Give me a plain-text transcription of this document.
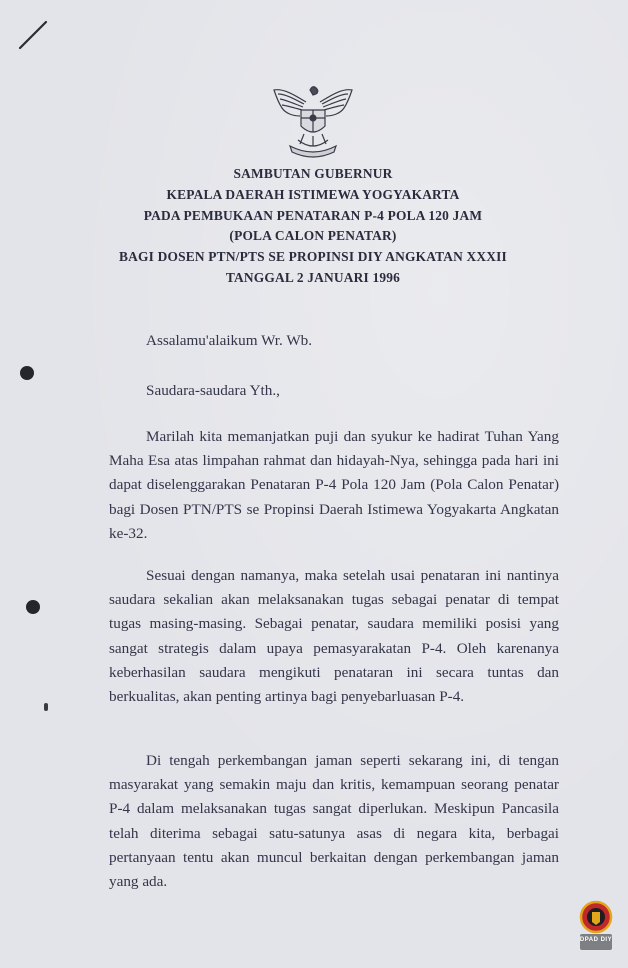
SAMBUTAN GUBERNUR
KEPALA DAERAH ISTIMEWA YOGYAKARTA
PADA PEMBUKAAN PENATARAN P-4 POLA 120 JAM
(POLA CALON PENATAR)
BAGI DOSEN PTN/PTS SE PROPINSI DIY ANGKATAN XXXII
TANGGAL 2 JANUARI 1996
Assalamu'alaikum Wr. Wb.
Saudara-saudara Yth.,
Marilah kita memanjatkan puji dan syukur ke hadirat Tuhan Yang Maha Esa atas limpahan rahmat dan hidayah-Nya, sehingga pada hari ini dapat diselenggarakan Penataran P-4 Pola 120 Jam (Pola Calon Penatar) bagi Dosen PTN/PTS se Propinsi Daerah Istimewa Yogyakarta Angkatan ke-32.
Sesuai dengan namanya, maka setelah usai penataran ini nantinya saudara sekalian akan melaksanakan tugas sebagai penatar di tempat tugas masing-masing. Sebagai penatar, saudara memiliki posisi yang sangat strategis dalam upaya pemasyarakatan P-4. Oleh karenanya keberhasilan saudara mengikuti penataran ini secara tuntas dan berkualitas, akan penting artinya bagi penyebarluasan P-4.
Di tengah perkembangan jaman seperti sekarang ini, di tengan masyarakat yang semakin maju dan kritis, kemampuan seorang penatar P-4 dalam melaksanakan tugas sangat diperlukan. Meskipun Pancasila telah diterima sebagai satu-satunya asas di negara kita, berbagai pertanyaan tentu akan muncul berkaitan dengan perkembangan jaman yang ada.
DPAD DIY
